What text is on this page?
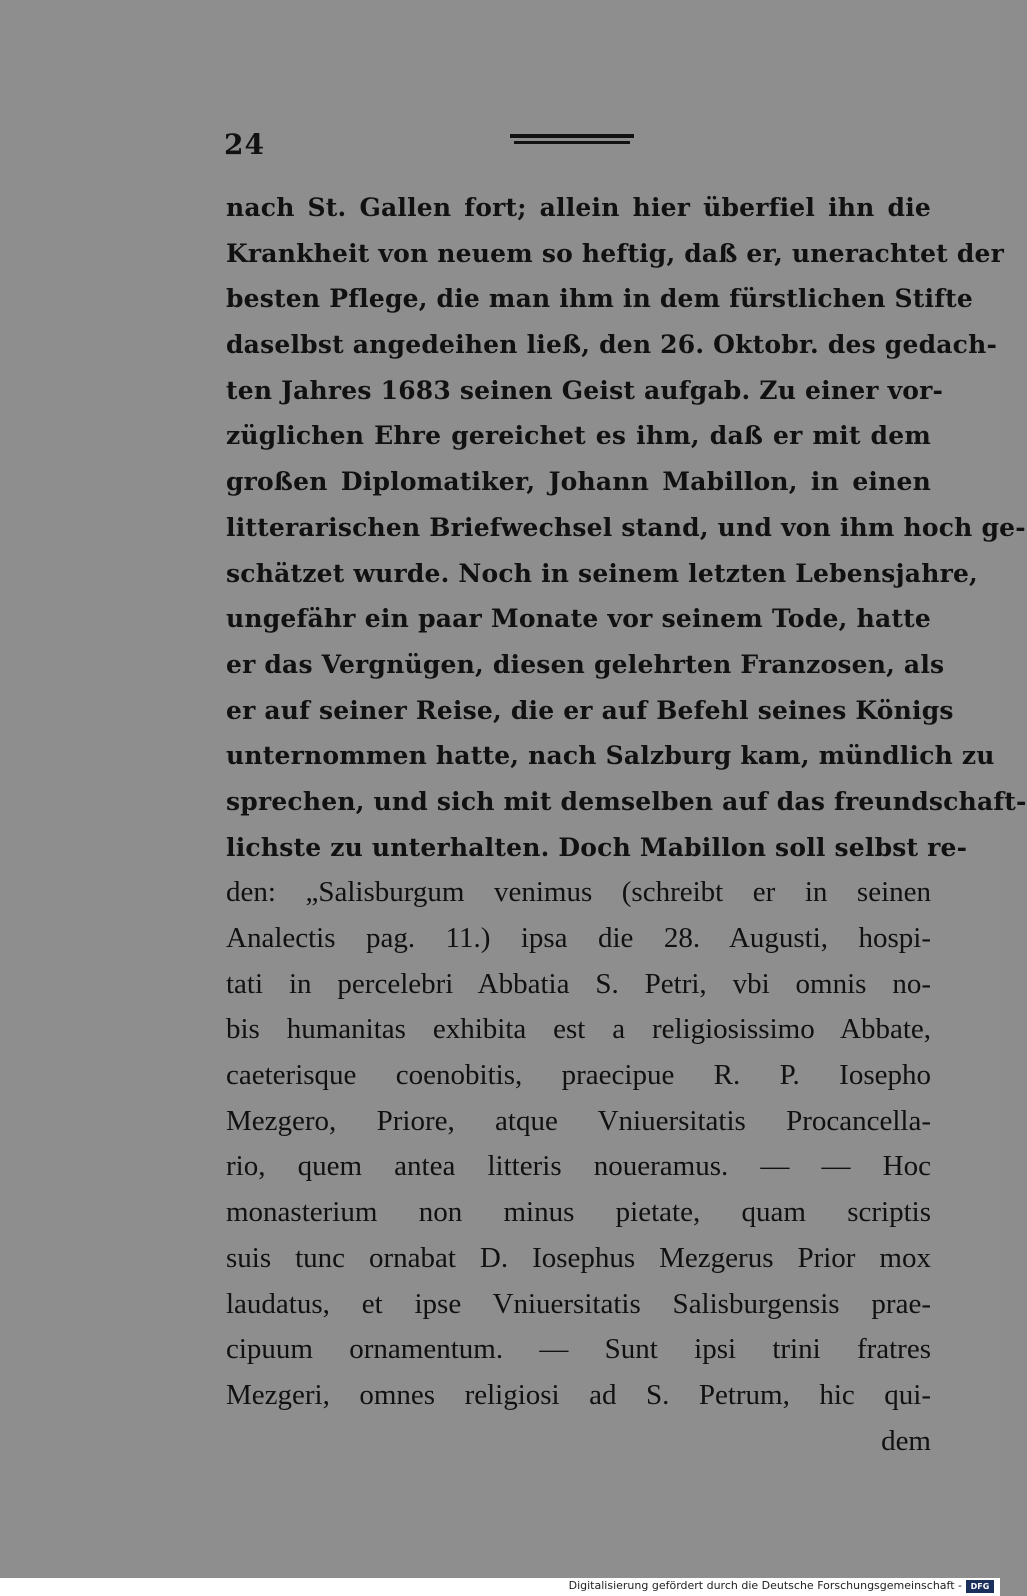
24
nach St. Gallen fort; allein hier überfiel ihn die
Krankheit von neuem so heftig, daß er, unerachtet der
besten Pflege, die man ihm in dem fürstlichen Stifte
daselbst angedeihen ließ, den 26. Oktobr. des gedach-
ten Jahres 1683 seinen Geist aufgab. Zu einer vor-
züglichen Ehre gereichet es ihm, daß er mit dem
großen Diplomatiker, Johann Mabillon, in einen
litterarischen Briefwechsel stand, und von ihm hoch ge-
schätzet wurde. Noch in seinem letzten Lebensjahre,
ungefähr ein paar Monate vor seinem Tode, hatte
er das Vergnügen, diesen gelehrten Franzosen, als
er auf seiner Reise, die er auf Befehl seines Königs
unternommen hatte, nach Salzburg kam, mündlich zu
sprechen, und sich mit demselben auf das freundschaft-
lichste zu unterhalten. Doch Mabillon soll selbst re-
den: „Salisburgum venimus (schreibt er in seinen
Analectis pag. 11.) ipsa die 28. Augusti, hospi-
tati in percelebri Abbatia S. Petri, vbi omnis no-
bis humanitas exhibita est a religiosissimo Abbate,
caeterisque coenobitis, praecipue R. P. Iosepho
Mezgero, Priore, atque Vniuersitatis Procancella-
rio, quem antea litteris noueramus. — — Hoc
monasterium non minus pietate, quam scriptis
suis tunc ornabat D. Iosephus Mezgerus Prior mox
laudatus, et ipse Vniuersitatis Salisburgensis prae-
cipuum ornamentum. — Sunt ipsi trini fratres
Mezgeri, omnes religiosi ad S. Petrum, hic qui-
dem
Digitalisierung gefördert durch die Deutsche Forschungsgemeinschaft -	DFG
